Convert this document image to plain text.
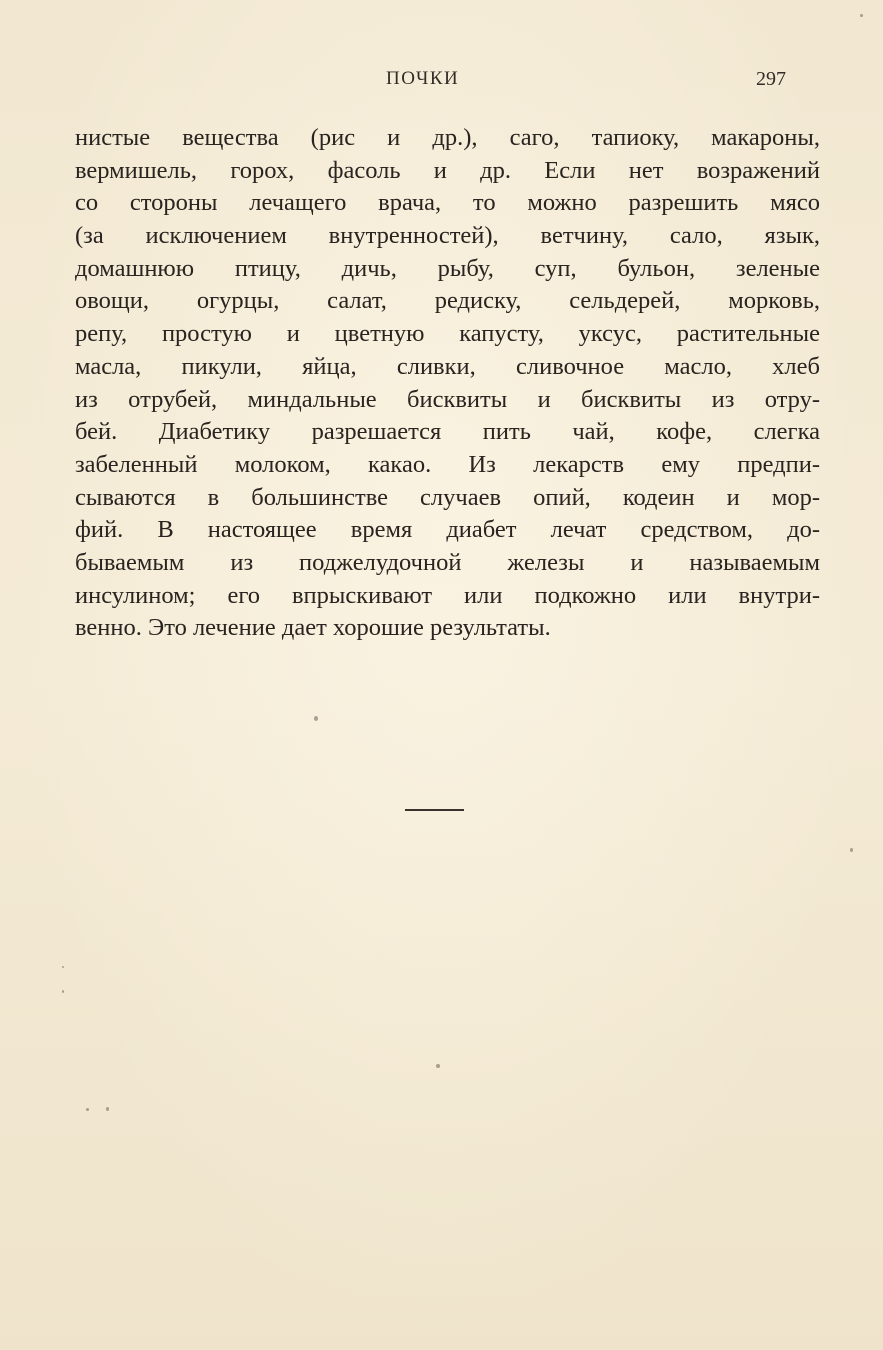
ПОЧКИ	297
нистые вещества (рис и др.), саго, тапиоку, макароны,
вермишель, горох, фасоль и др. Если нет возражений
со стороны лечащего врача, то можно разрешить мясо
(за исключением внутренностей), ветчину, сало, язык,
домашнюю птицу, дичь, рыбу, суп, бульон, зеленые
овощи, огурцы, салат, редиску, сельдерей, морковь,
репу, простую и цветную капусту, уксус, растительные
масла, пикули, яйца, сливки, сливочное масло, хлеб
из отрубей, миндальные бисквиты и бисквиты из отру-
бей. Диабетику разрешается пить чай, кофе, слегка
забеленный молоком, какао. Из лекарств ему предпи-
сываются в большинстве случаев опий, кодеин и мор-
фий. В настоящее время диабет лечат средством, до-
бываемым из поджелудочной железы и называемым
инсулином; его впрыскивают или подкожно или внутри-
венно. Это лечение дает хорошие результаты.
